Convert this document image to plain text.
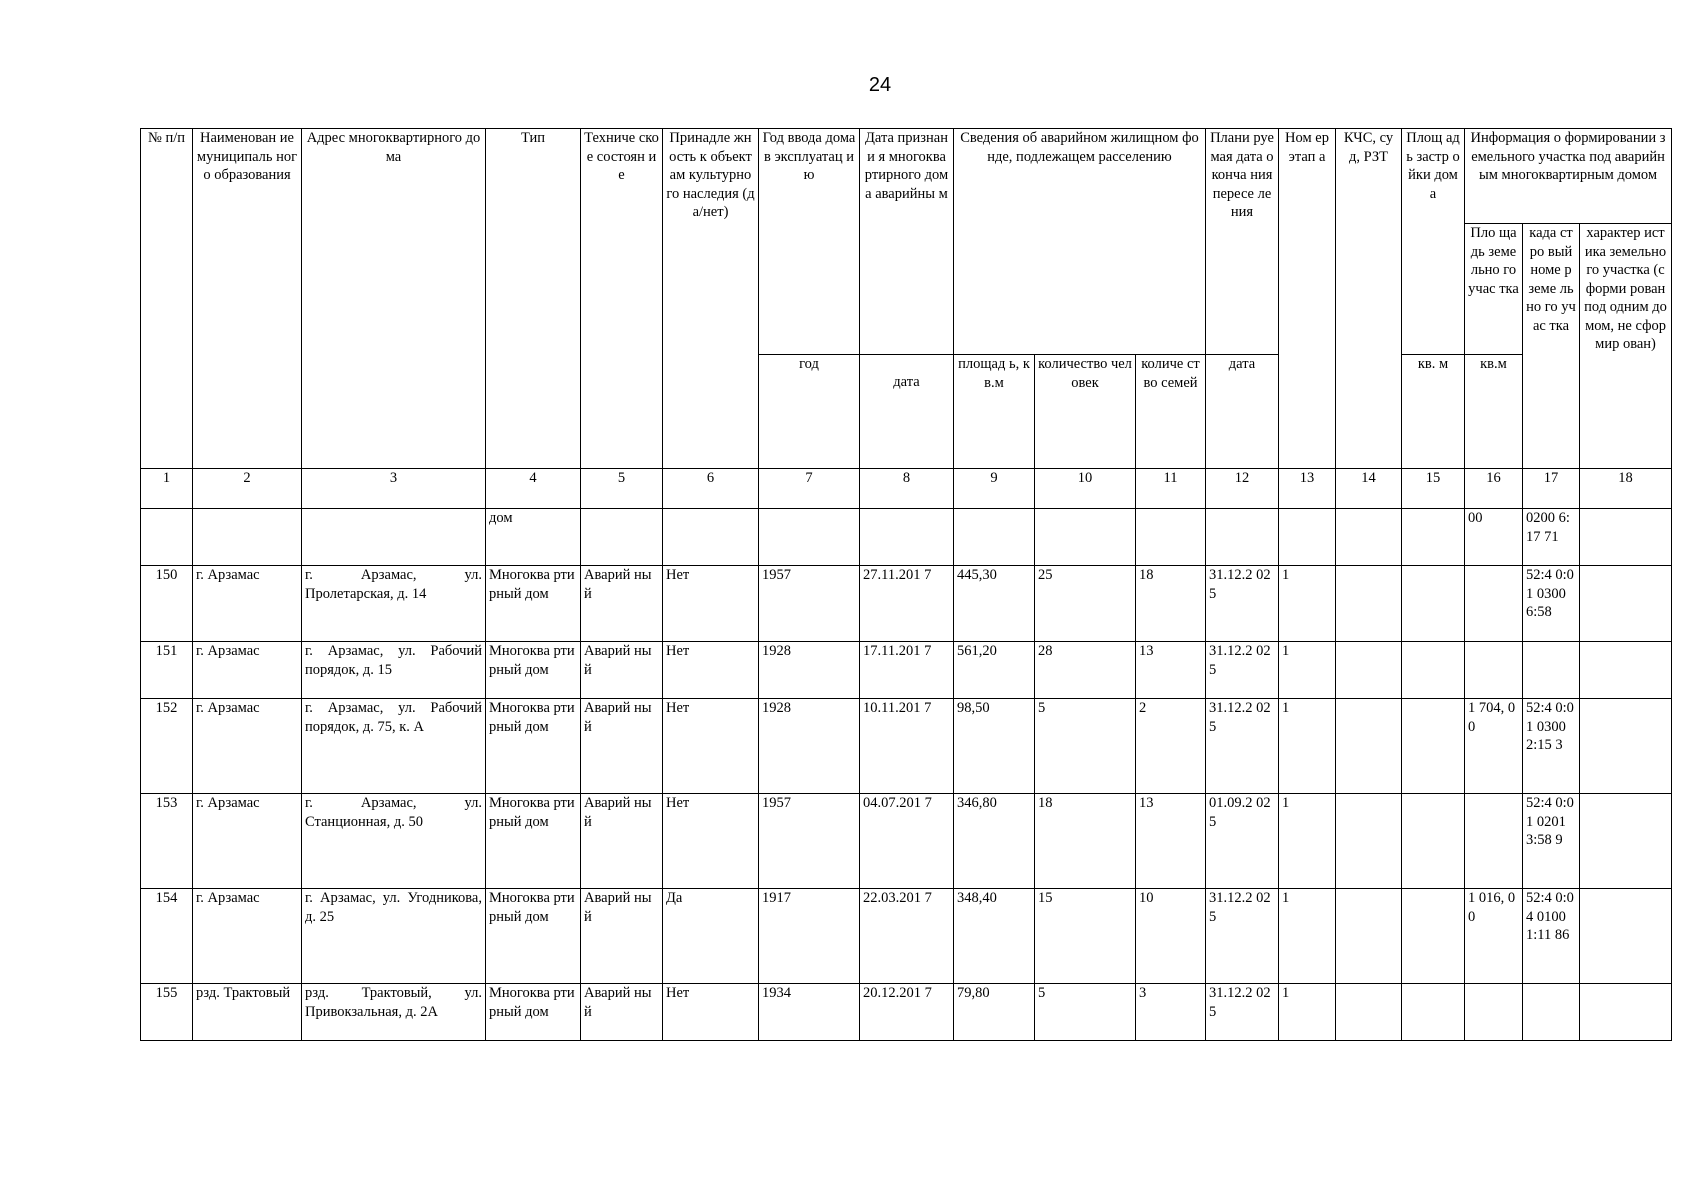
24
№ п/п	Наименован ие муниципаль ного образования	Адрес многоквартирного дома	Тип	Техниче ское состоян ие	Принадле жность к объектам культурно го наследия (да/нет)	Год ввода дома в эксплуатац ию	Дата признани я многоква ртирного дома аварийны м	Сведения об аварийном жилищном фонде, подлежащем расселению			Плани руемая дата оконча ния пересе ления	Ном ер этап а	КЧС, суд, РЗТ	Площ адь застр ойки дома	Информация о формировании земельного участка под аварийным многоквартирным домом		
															Пло щадь земе льно го учас тка	када стро вый номе р земе льно го учас тка	характер истика земельно го участка (сформи рован под одним домом, не сформир ован)
						год	дата	площад ь, кв.м	количество человек	количе ство семей	дата			кв. м	кв.м		
1	2	3	4	5	6	7	8	9	10	11	12	13	14	15	16	17	18
			дом												00	0200 6:17 71	
150	г. Арзамас	г. Арзамас, ул. Пролетарская, д. 14	Многоква ртирный дом	Аварий ный	Нет	1957	27.11.201 7	445,30	25	18	31.12.2 025	1				52:4 0:01 0300 6:58	
151	г. Арзамас	г. Арзамас, ул. Рабочий порядок, д. 15	Многоква ртирный дом	Аварий ный	Нет	1928	17.11.201 7	561,20	28	13	31.12.2 025	1					
152	г. Арзамас	г. Арзамас, ул. Рабочий порядок, д. 75, к. А	Многоква ртирный дом	Аварий ный	Нет	1928	10.11.201 7	98,50	5	2	31.12.2 025	1			1 704, 00	52:4 0:01 0300 2:15 3	
153	г. Арзамас	г. Арзамас, ул. Станционная, д. 50	Многоква ртирный дом	Аварий ный	Нет	1957	04.07.201 7	346,80	18	13	01.09.2 025	1				52:4 0:01 0201 3:58 9	
154	г. Арзамас	г. Арзамас, ул. Угодникова, д. 25	Многоква ртирный дом	Аварий ный	Да	1917	22.03.201 7	348,40	15	10	31.12.2 025	1			1 016, 00	52:4 0:04 0100 1:11 86	
155	рзд. Трактовый	рзд. Трактовый, ул. Привокзальная, д. 2А	Многоква ртирный дом	Аварий ный	Нет	1934	20.12.201 7	79,80	5	3	31.12.2 025	1					
